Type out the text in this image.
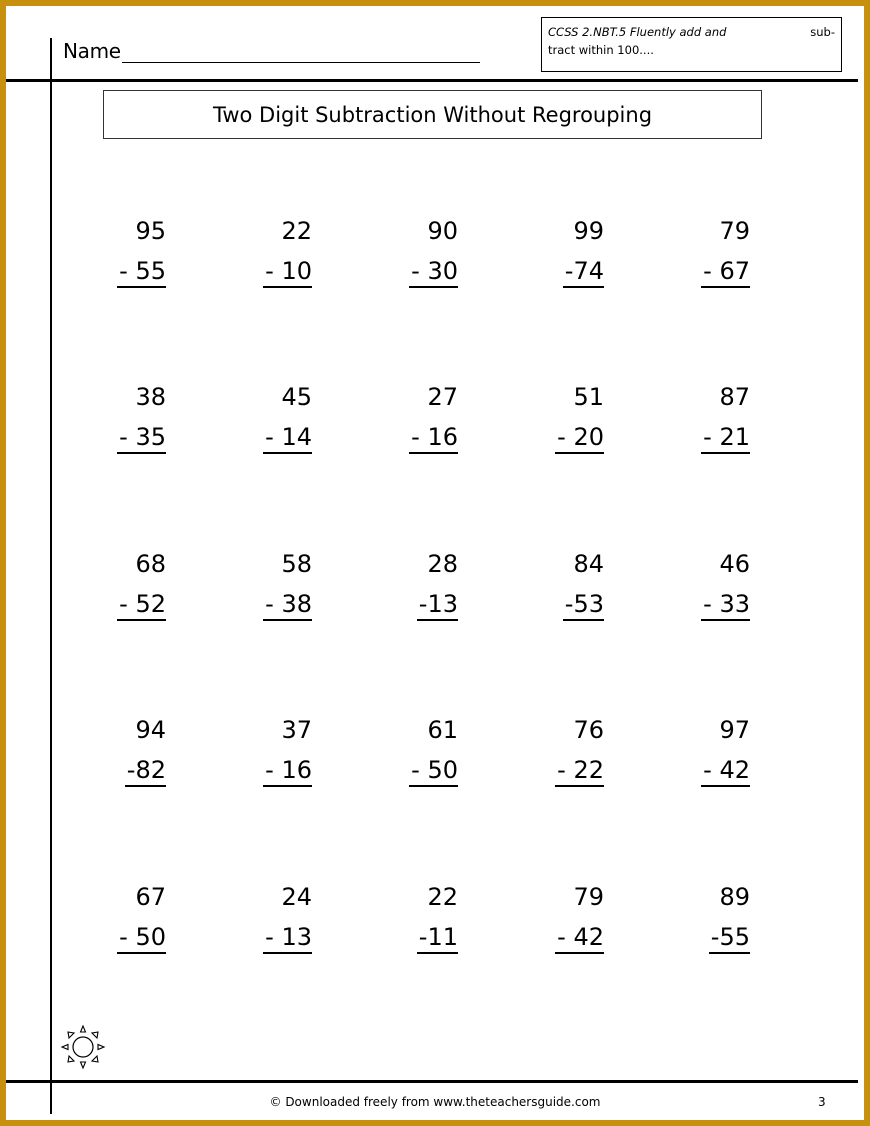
Name
CCSS 2.NBT.5 Fluently add and	sub-
tract within 100....
Two Digit Subtraction Without Regrouping
95
- 55
22
- 10
90
- 30
99
-74
79
- 67
38
- 35
45
- 14
27
- 16
51
- 20
87
- 21
68
- 52
58
- 38
28
-13
84
-53
46
- 33
94
-82
37
- 16
61
- 50
76
- 22
97
- 42
67
- 50
24
- 13
22
-11
79
- 42
89
-55
© Downloaded freely from www.theteachersguide.com	3
